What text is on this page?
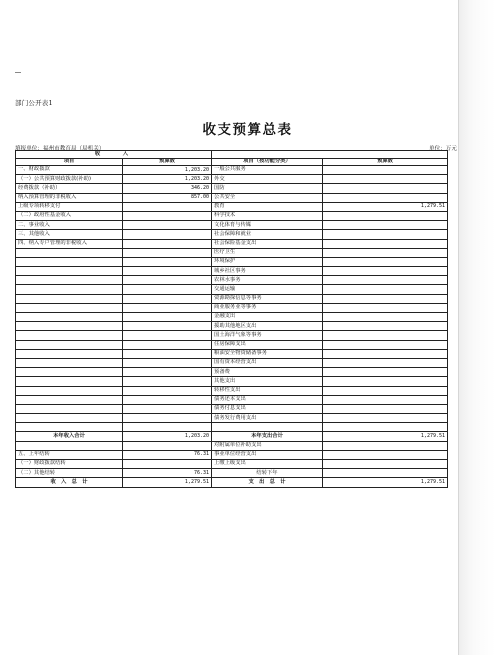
部门公开表1
收支预算总表
填报单位：福州市教育局（局机关）	单位：万元
收　　入			
项目	预算数	项目（按功能分类）	预算数
一、财政拨款	1,203.20	一般公共服务	
（一）公共预算财政拨款(补助)	1,203.20	外交	
经费拨款（补助）	346.20	国防	
纳入预算管理的非税收入	857.00	公共安全	
上级专项转移支付		教育	1,279.51
（二）政府性基金收入		科学技术	
二、事业收入		文化体育与传媒	
三、其他收入		社会保障和就业	
四、纳入专户管理的非税收入		社会保险基金支出	
		医疗卫生	
		环境保护	
		城乡社区事务	
		农林水事务	
		交通运输	
		资源勘探信息等事务	
		商业服务业等事务	
		金融支出	
		援助其他地区支出	
		国土海洋气象等事务	
		住房保障支出	
		粮油安全物资储备事务	
		国有资本经营支出	
		预备费	
		其他支出	
		转移性支出	
		债务还本支出	
		债务付息支出	
		债务发行费用支出	

本年收入合计	1,203.20	本年支出合计	1,279.51
		对附属单位补助支出	
五、上年结转	76.31	事业单位经营支出	
（一）财政拨款结转		上缴上级支出	
（二）其他结转	76.31	结转下年	
收　入　总　计	1,279.51	支　出　总　计	1,279.51
